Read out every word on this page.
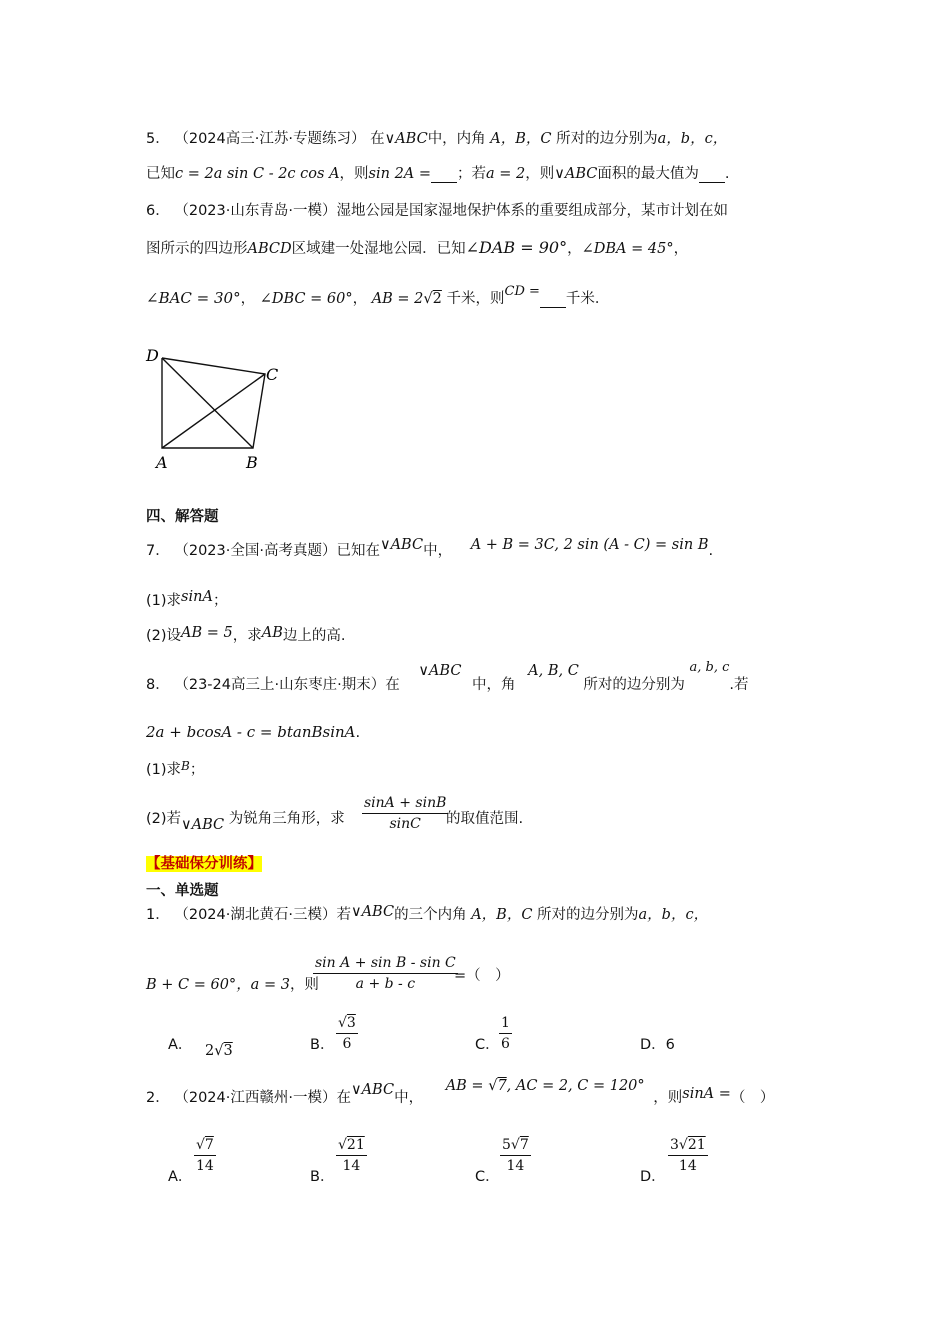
5． （2024高三·江苏·专题练习） 在∨ABC中，内角 A，B，C 所对的边分别为a，b，c，
已知c = 2a sin C - 2c cos A，则sin 2A = ；若a = 2，则∨ABC面积的最大值为 .
6． （2023·山东青岛·一模）湿地公园是国家湿地保护体系的重要组成部分，某市计划在如
图所示的四边形ABCD区域建一处湿地公园．已知∠DAB = 90°，∠DBA = 45°，
∠BAC = 30°， ∠DBC = 60°， AB = 2√2 千米，则CD = 千米．
D
C
A	B
四、解答题
7． （2023·全国·高考真题）已知在∨ABC中， A + B = 3C, 2 sin (A - C) = sin B.
(1)求sinA；
(2)设AB = 5，求AB边上的高.
8． （23-24高三上·山东枣庄·期末）在 ∨ABC 中，角 A, B, C 所对的边分别为 a, b, c.若
2a + bcosA - c = btanBsinA.
(1)求$^B$；
(2)若∨ABC 为锐角三角形，求 $\frac{\sin A + \sin B}{\sin C}$
的取值范围.
【基础保分训练】
一、单选题
1． （2024·湖北黄石·三模）若∨ABC的三个内角 A，B，C 所对的边分别为a，b，c，
B + C = 60°，a = 3，则
$\frac{\text{sin A + sin B - sin C}}{a + b - c}$
=（　）
A． 2√3	B． $\frac{√3}{6}$	C． $\frac{1}{6}$	D．6
2． （2024·江西赣州·一模）在∨ABC中， AB = √7, AC = 2, C = 120° ，则sinA =（　）
A．
$\frac{√7}{14}$
B．
$\frac{√21}{14}$
C．
$\frac{5√7}{14}$
D．
$\frac{3√21}{14}$
